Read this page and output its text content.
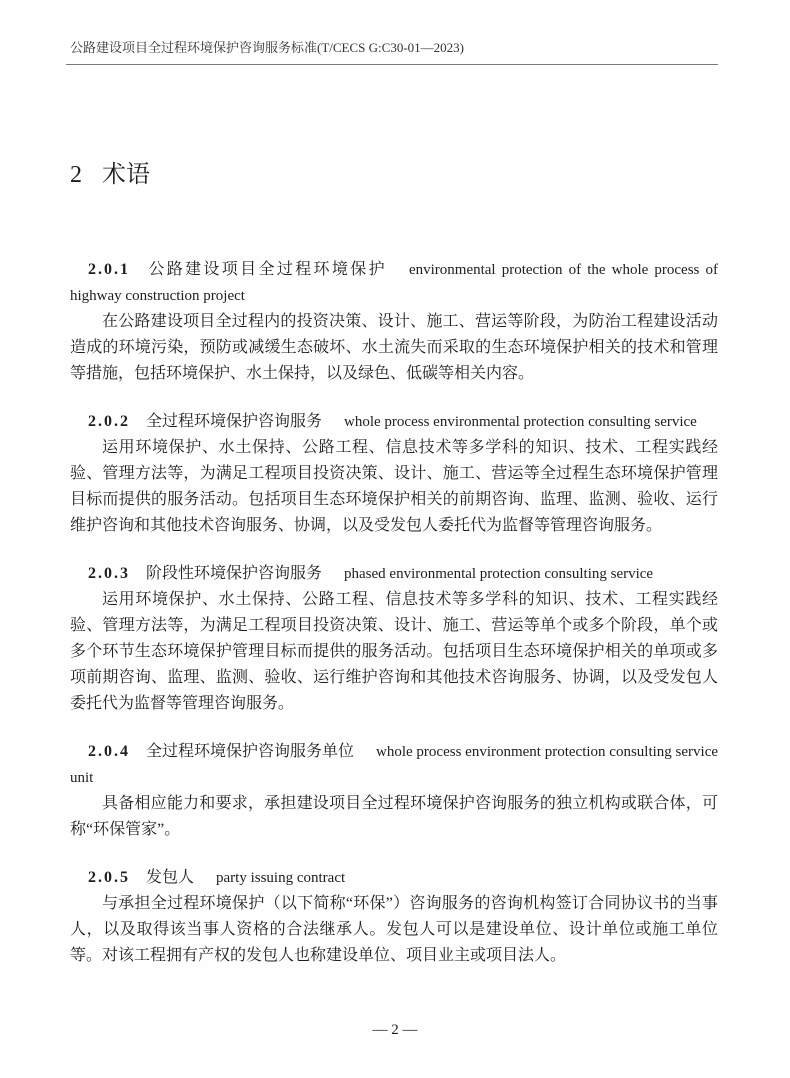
公路建设项目全过程环境保护咨询服务标准(T/CECS G:C30-01—2023)
2 术语

2.0.1 公路建设项目全过程环境保护 environmental protection of the whole process of highway construction project

在公路建设项目全过程内的投资决策、设计、施工、营运等阶段，为防治工程建设活动造成的环境污染，预防或减缓生态破坏、水土流失而采取的生态环境保护相关的技术和管理等措施，包括环境保护、水土保持，以及绿色、低碳等相关内容。

2.0.2 全过程环境保护咨询服务 whole process environmental protection consulting service

运用环境保护、水土保持、公路工程、信息技术等多学科的知识、技术、工程实践经验、管理方法等，为满足工程项目投资决策、设计、施工、营运等全过程生态环境保护管理目标而提供的服务活动。包括项目生态环境保护相关的前期咨询、监理、监测、验收、运行维护咨询和其他技术咨询服务、协调，以及受发包人委托代为监督等管理咨询服务。

2.0.3 阶段性环境保护咨询服务 phased environmental protection consulting service

运用环境保护、水土保持、公路工程、信息技术等多学科的知识、技术、工程实践经验、管理方法等，为满足工程项目投资决策、设计、施工、营运等单个或多个阶段，单个或多个环节生态环境保护管理目标而提供的服务活动。包括项目生态环境保护相关的单项或多项前期咨询、监理、监测、验收、运行维护咨询和其他技术咨询服务、协调，以及受发包人委托代为监督等管理咨询服务。

2.0.4 全过程环境保护咨询服务单位 whole process environment protection consulting service unit

具备相应能力和要求，承担建设项目全过程环境保护咨询服务的独立机构或联合体，可称“环保管家”。

2.0.5 发包人 party issuing contract

与承担全过程环境保护（以下简称“环保”）咨询服务的咨询机构签订合同协议书的当事人，以及取得该当事人资格的合法继承人。发包人可以是建设单位、设计单位或施工单位等。对该工程拥有产权的发包人也称建设单位、项目业主或项目法人。

— 2 —
